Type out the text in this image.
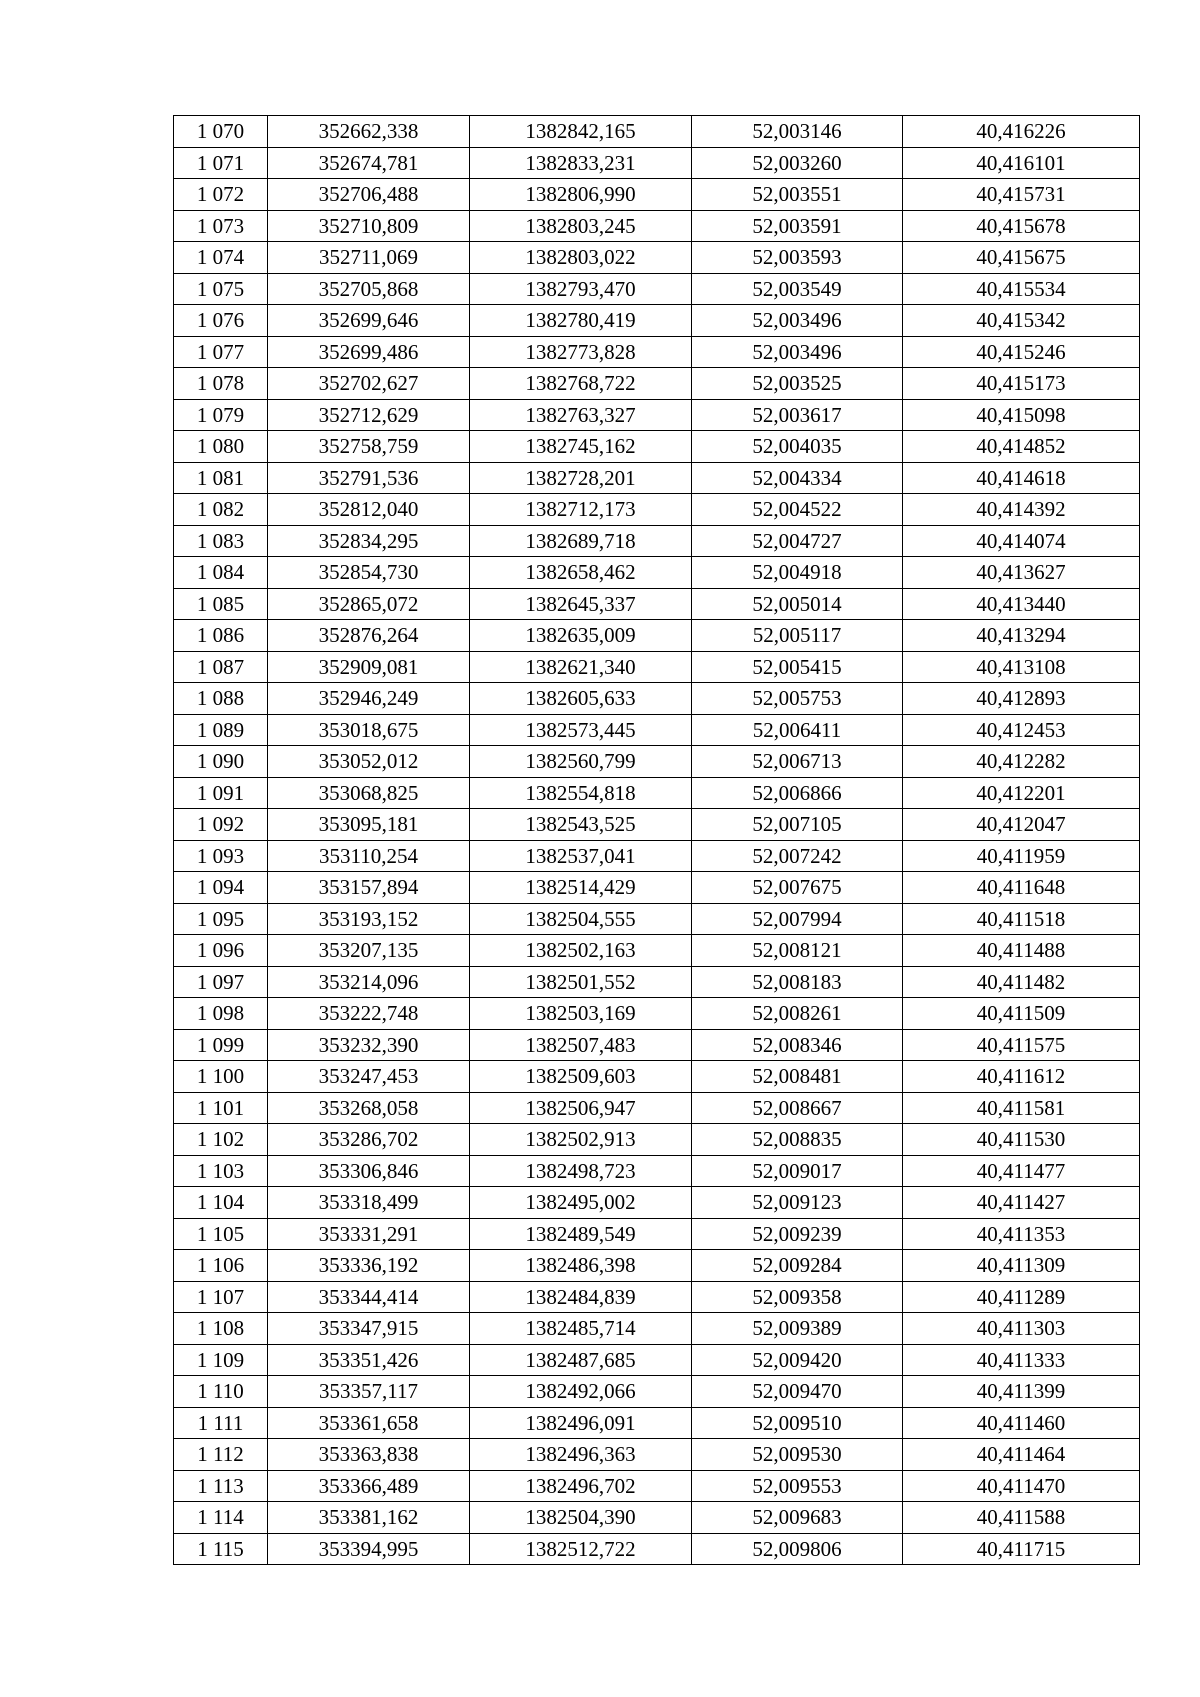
1 070	352662,338	1382842,165	52,003146	40,416226
1 071	352674,781	1382833,231	52,003260	40,416101
1 072	352706,488	1382806,990	52,003551	40,415731
1 073	352710,809	1382803,245	52,003591	40,415678
1 074	352711,069	1382803,022	52,003593	40,415675
1 075	352705,868	1382793,470	52,003549	40,415534
1 076	352699,646	1382780,419	52,003496	40,415342
1 077	352699,486	1382773,828	52,003496	40,415246
1 078	352702,627	1382768,722	52,003525	40,415173
1 079	352712,629	1382763,327	52,003617	40,415098
1 080	352758,759	1382745,162	52,004035	40,414852
1 081	352791,536	1382728,201	52,004334	40,414618
1 082	352812,040	1382712,173	52,004522	40,414392
1 083	352834,295	1382689,718	52,004727	40,414074
1 084	352854,730	1382658,462	52,004918	40,413627
1 085	352865,072	1382645,337	52,005014	40,413440
1 086	352876,264	1382635,009	52,005117	40,413294
1 087	352909,081	1382621,340	52,005415	40,413108
1 088	352946,249	1382605,633	52,005753	40,412893
1 089	353018,675	1382573,445	52,006411	40,412453
1 090	353052,012	1382560,799	52,006713	40,412282
1 091	353068,825	1382554,818	52,006866	40,412201
1 092	353095,181	1382543,525	52,007105	40,412047
1 093	353110,254	1382537,041	52,007242	40,411959
1 094	353157,894	1382514,429	52,007675	40,411648
1 095	353193,152	1382504,555	52,007994	40,411518
1 096	353207,135	1382502,163	52,008121	40,411488
1 097	353214,096	1382501,552	52,008183	40,411482
1 098	353222,748	1382503,169	52,008261	40,411509
1 099	353232,390	1382507,483	52,008346	40,411575
1 100	353247,453	1382509,603	52,008481	40,411612
1 101	353268,058	1382506,947	52,008667	40,411581
1 102	353286,702	1382502,913	52,008835	40,411530
1 103	353306,846	1382498,723	52,009017	40,411477
1 104	353318,499	1382495,002	52,009123	40,411427
1 105	353331,291	1382489,549	52,009239	40,411353
1 106	353336,192	1382486,398	52,009284	40,411309
1 107	353344,414	1382484,839	52,009358	40,411289
1 108	353347,915	1382485,714	52,009389	40,411303
1 109	353351,426	1382487,685	52,009420	40,411333
1 110	353357,117	1382492,066	52,009470	40,411399
1 111	353361,658	1382496,091	52,009510	40,411460
1 112	353363,838	1382496,363	52,009530	40,411464
1 113	353366,489	1382496,702	52,009553	40,411470
1 114	353381,162	1382504,390	52,009683	40,411588
1 115	353394,995	1382512,722	52,009806	40,411715
